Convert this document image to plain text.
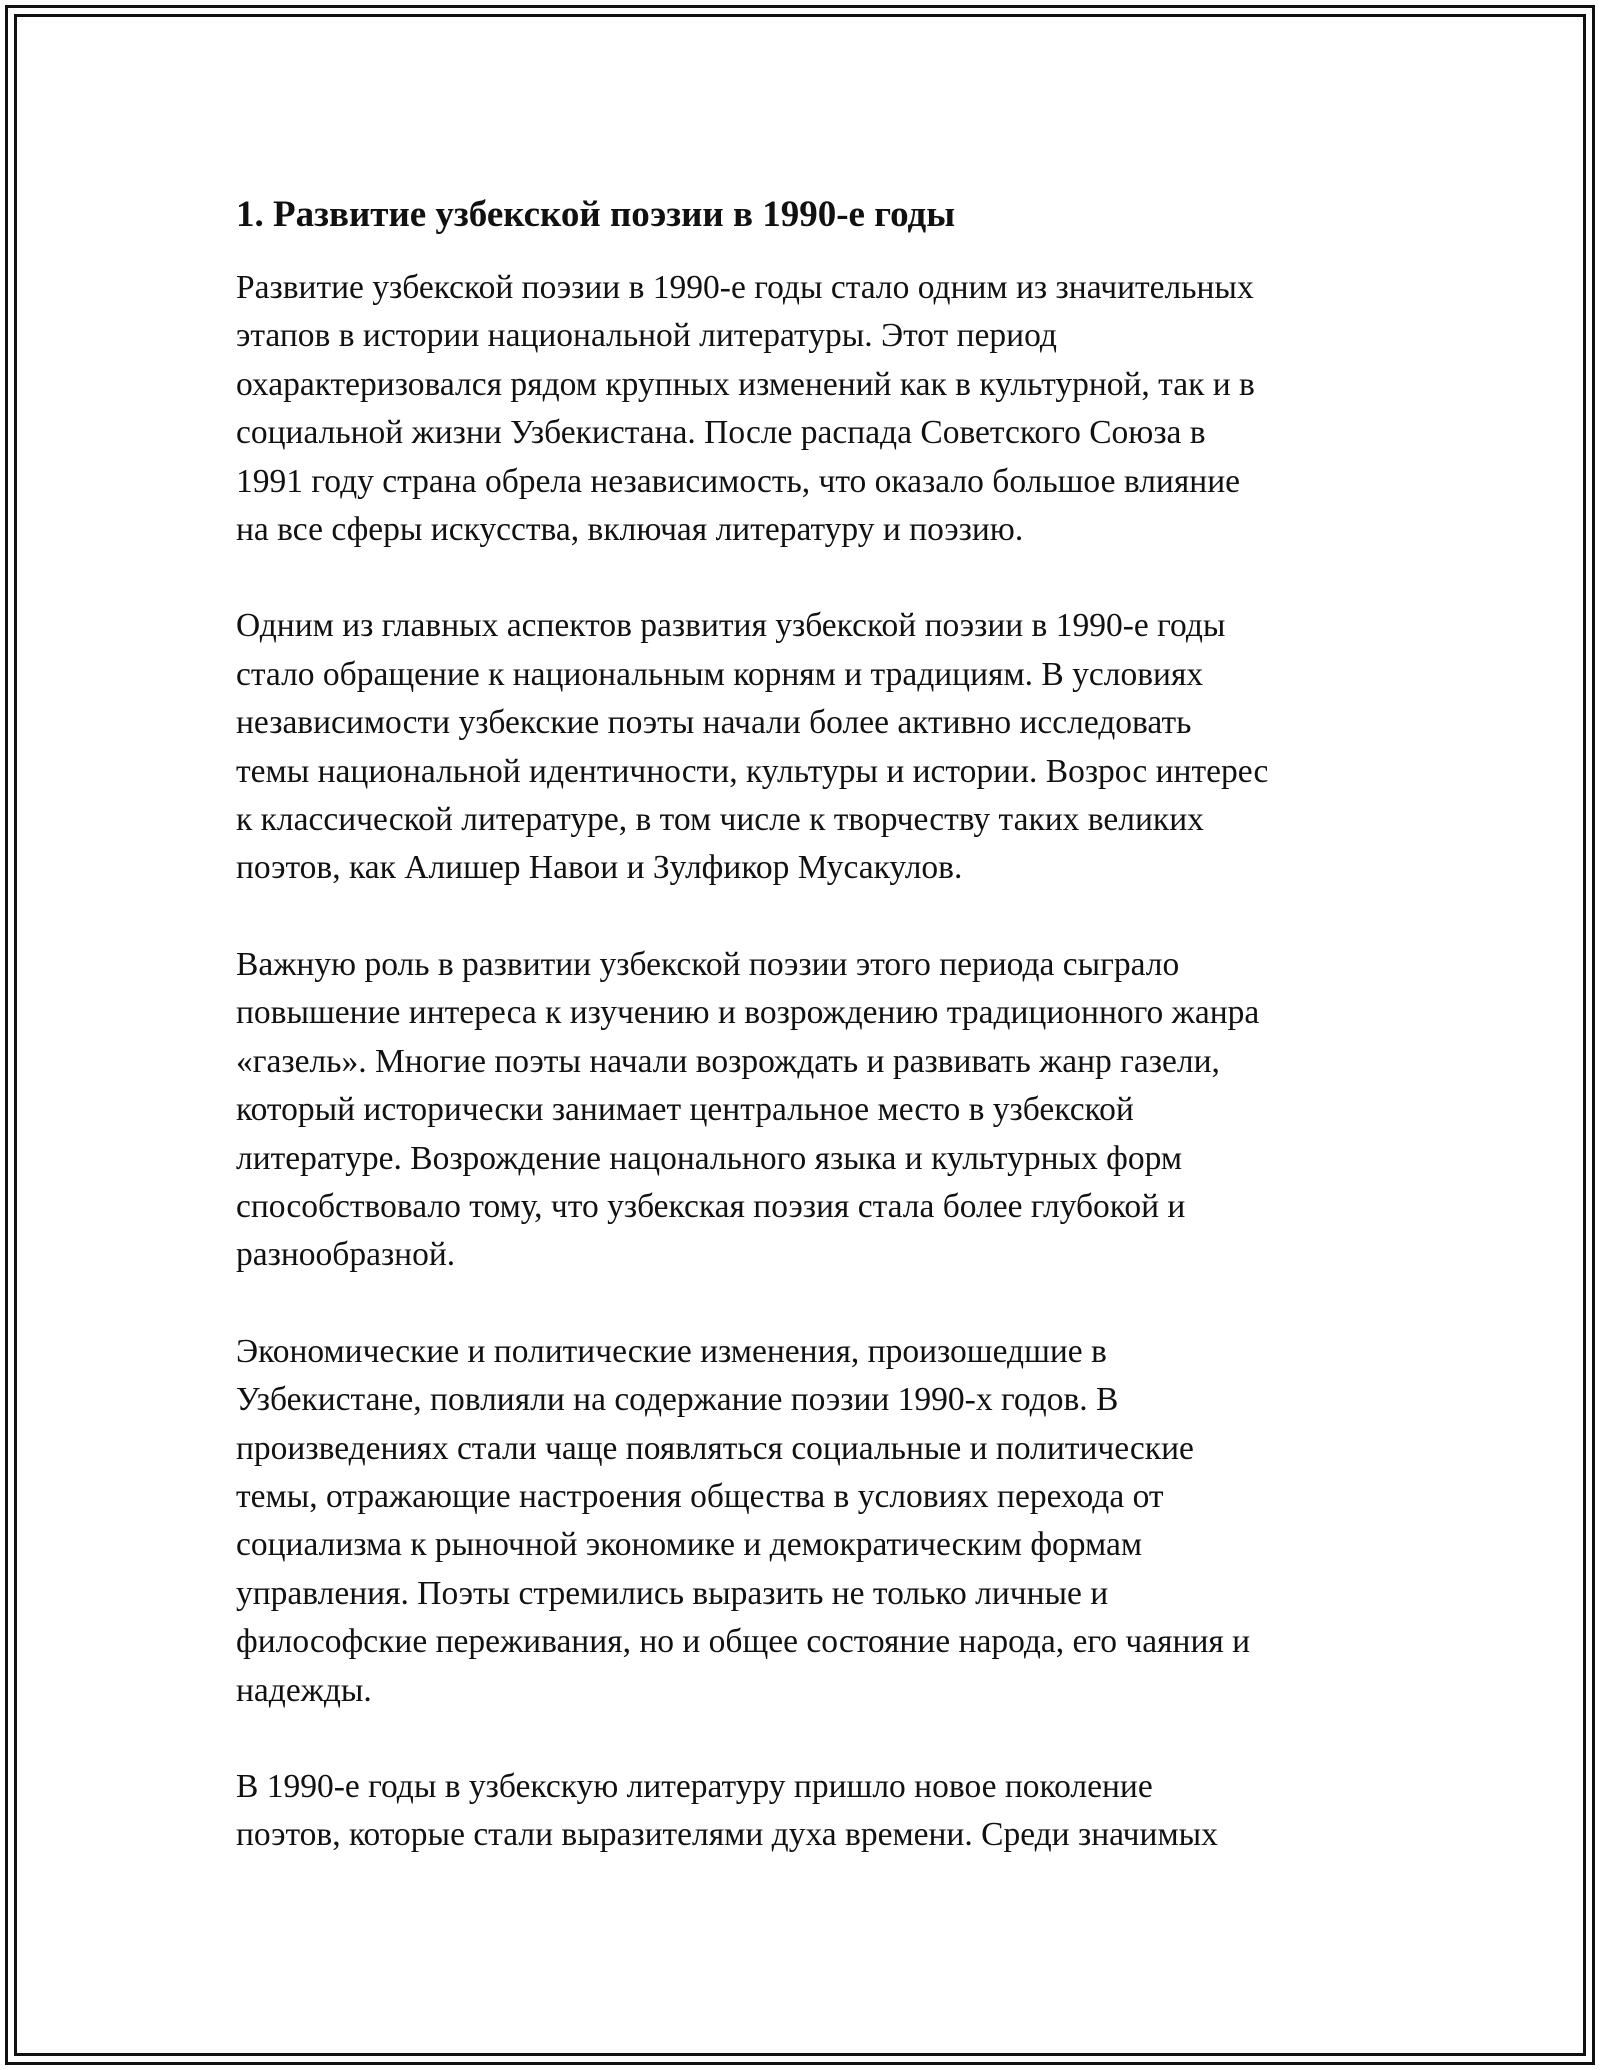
1. Развитие узбекской поэзии в 1990-е годы

Развитие узбекской поэзии в 1990-е годы стало одним из значительных
этапов в истории национальной литературы. Этот период
охарактеризовался рядом крупных изменений как в культурной, так и в
социальной жизни Узбекистана. После распада Советского Союза в
1991 году страна обрела независимость, что оказало большое влияние
на все сферы искусства, включая литературу и поэзию.

Одним из главных аспектов развития узбекской поэзии в 1990-е годы
стало обращение к национальным корням и традициям. В условиях
независимости узбекские поэты начали более активно исследовать
темы национальной идентичности, культуры и истории. Возрос интерес
к классической литературе, в том числе к творчеству таких великих
поэтов, как Алишер Навои и Зулфикор Мусакулов.

Важную роль в развитии узбекской поэзии этого периода сыграло
повышение интереса к изучению и возрождению традиционного жанра
«газель». Многие поэты начали возрождать и развивать жанр газели,
который исторически занимает центральное место в узбекской
литературе. Возрождение нацонального языка и культурных форм
способствовало тому, что узбекская поэзия стала более глубокой и
разнообразной.

Экономические и политические изменения, произошедшие в
Узбекистане, повлияли на содержание поэзии 1990-х годов. В
произведениях стали чаще появляться социальные и политические
темы, отражающие настроения общества в условиях перехода от
социализма к рыночной экономике и демократическим формам
управления. Поэты стремились выразить не только личные и
философские переживания, но и общее состояние народа, его чаяния и
надежды.

В 1990-е годы в узбекскую литературу пришло новое поколение
поэтов, которые стали выразителями духа времени. Среди значимых
